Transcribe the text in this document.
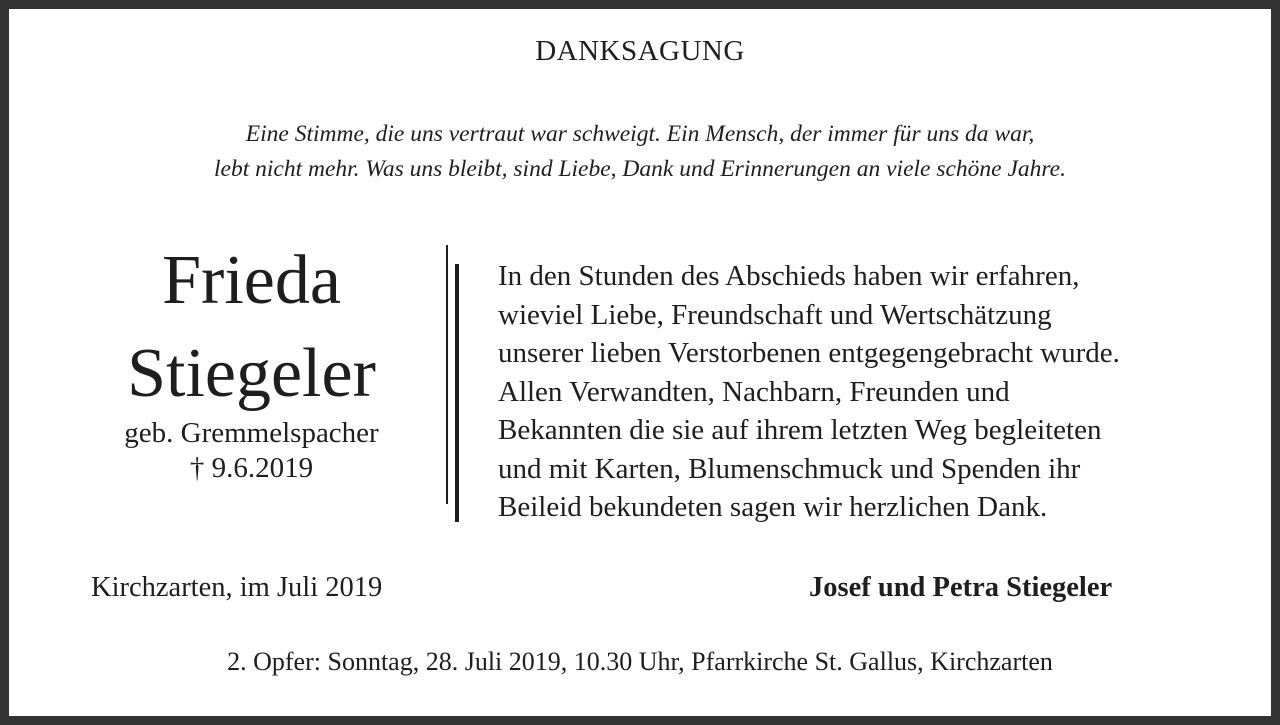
DANKSAGUNG
Eine Stimme, die uns vertraut war schweigt. Ein Mensch, der immer für uns da war,
lebt nicht mehr. Was uns bleibt, sind Liebe, Dank und Erinnerungen an viele schöne Jahre.
Frieda
Stiegeler
geb. Gremmelspacher
† 9.6.2019
In den Stunden des Abschieds haben wir erfahren,
wieviel Liebe, Freundschaft und Wertschätzung
unserer lieben Verstorbenen entgegengebracht wurde.
Allen Verwandten, Nachbarn, Freunden und
Bekannten die sie auf ihrem letzten Weg begleiteten
und mit Karten, Blumenschmuck und Spenden ihr
Beileid bekundeten sagen wir herzlichen Dank.
Kirchzarten, im Juli 2019	Josef und Petra Stiegeler
2. Opfer: Sonntag, 28. Juli 2019, 10.30 Uhr, Pfarrkirche St. Gallus, Kirchzarten
